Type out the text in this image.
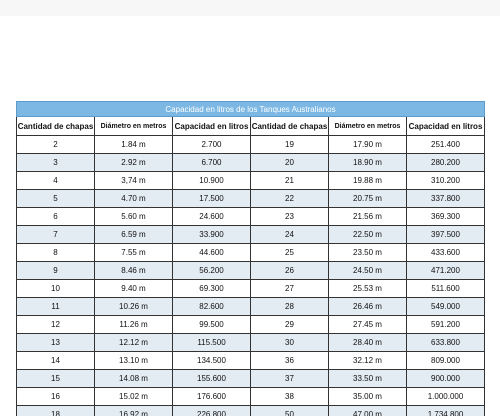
Capacidad en litros de los Tanques Australianos					
Cantidad de chapas	Diámetro en metros	Capacidad en litros	Cantidad de chapas	Diámetro en metros	Capacidad en litros
2	1.84 m	2.700	19	17.90 m	251.400
3	2.92 m	6.700	20	18.90 m	280.200
4	3,74 m	10.900	21	19.88 m	310.200
5	4.70 m	17.500	22	20.75 m	337.800
6	5.60 m	24.600	23	21.56 m	369.300
7	6.59 m	33.900	24	22.50 m	397.500
8	7.55 m	44.600	25	23.50 m	433.600
9	8.46 m	56.200	26	24.50 m	471.200
10	9.40 m	69.300	27	25.53 m	511.600
11	10.26 m	82.600	28	26.46 m	549.000
12	11.26 m	99.500	29	27.45 m	591.200
13	12.12 m	115.500	30	28.40 m	633.800
14	13.10 m	134.500	36	32.12 m	809.000
15	14.08 m	155.600	37	33.50 m	900.000
16	15.02 m	176.600	38	35.00 m	1.000.000
18	16.92 m	226.800	50	47.00 m	1.734.800
